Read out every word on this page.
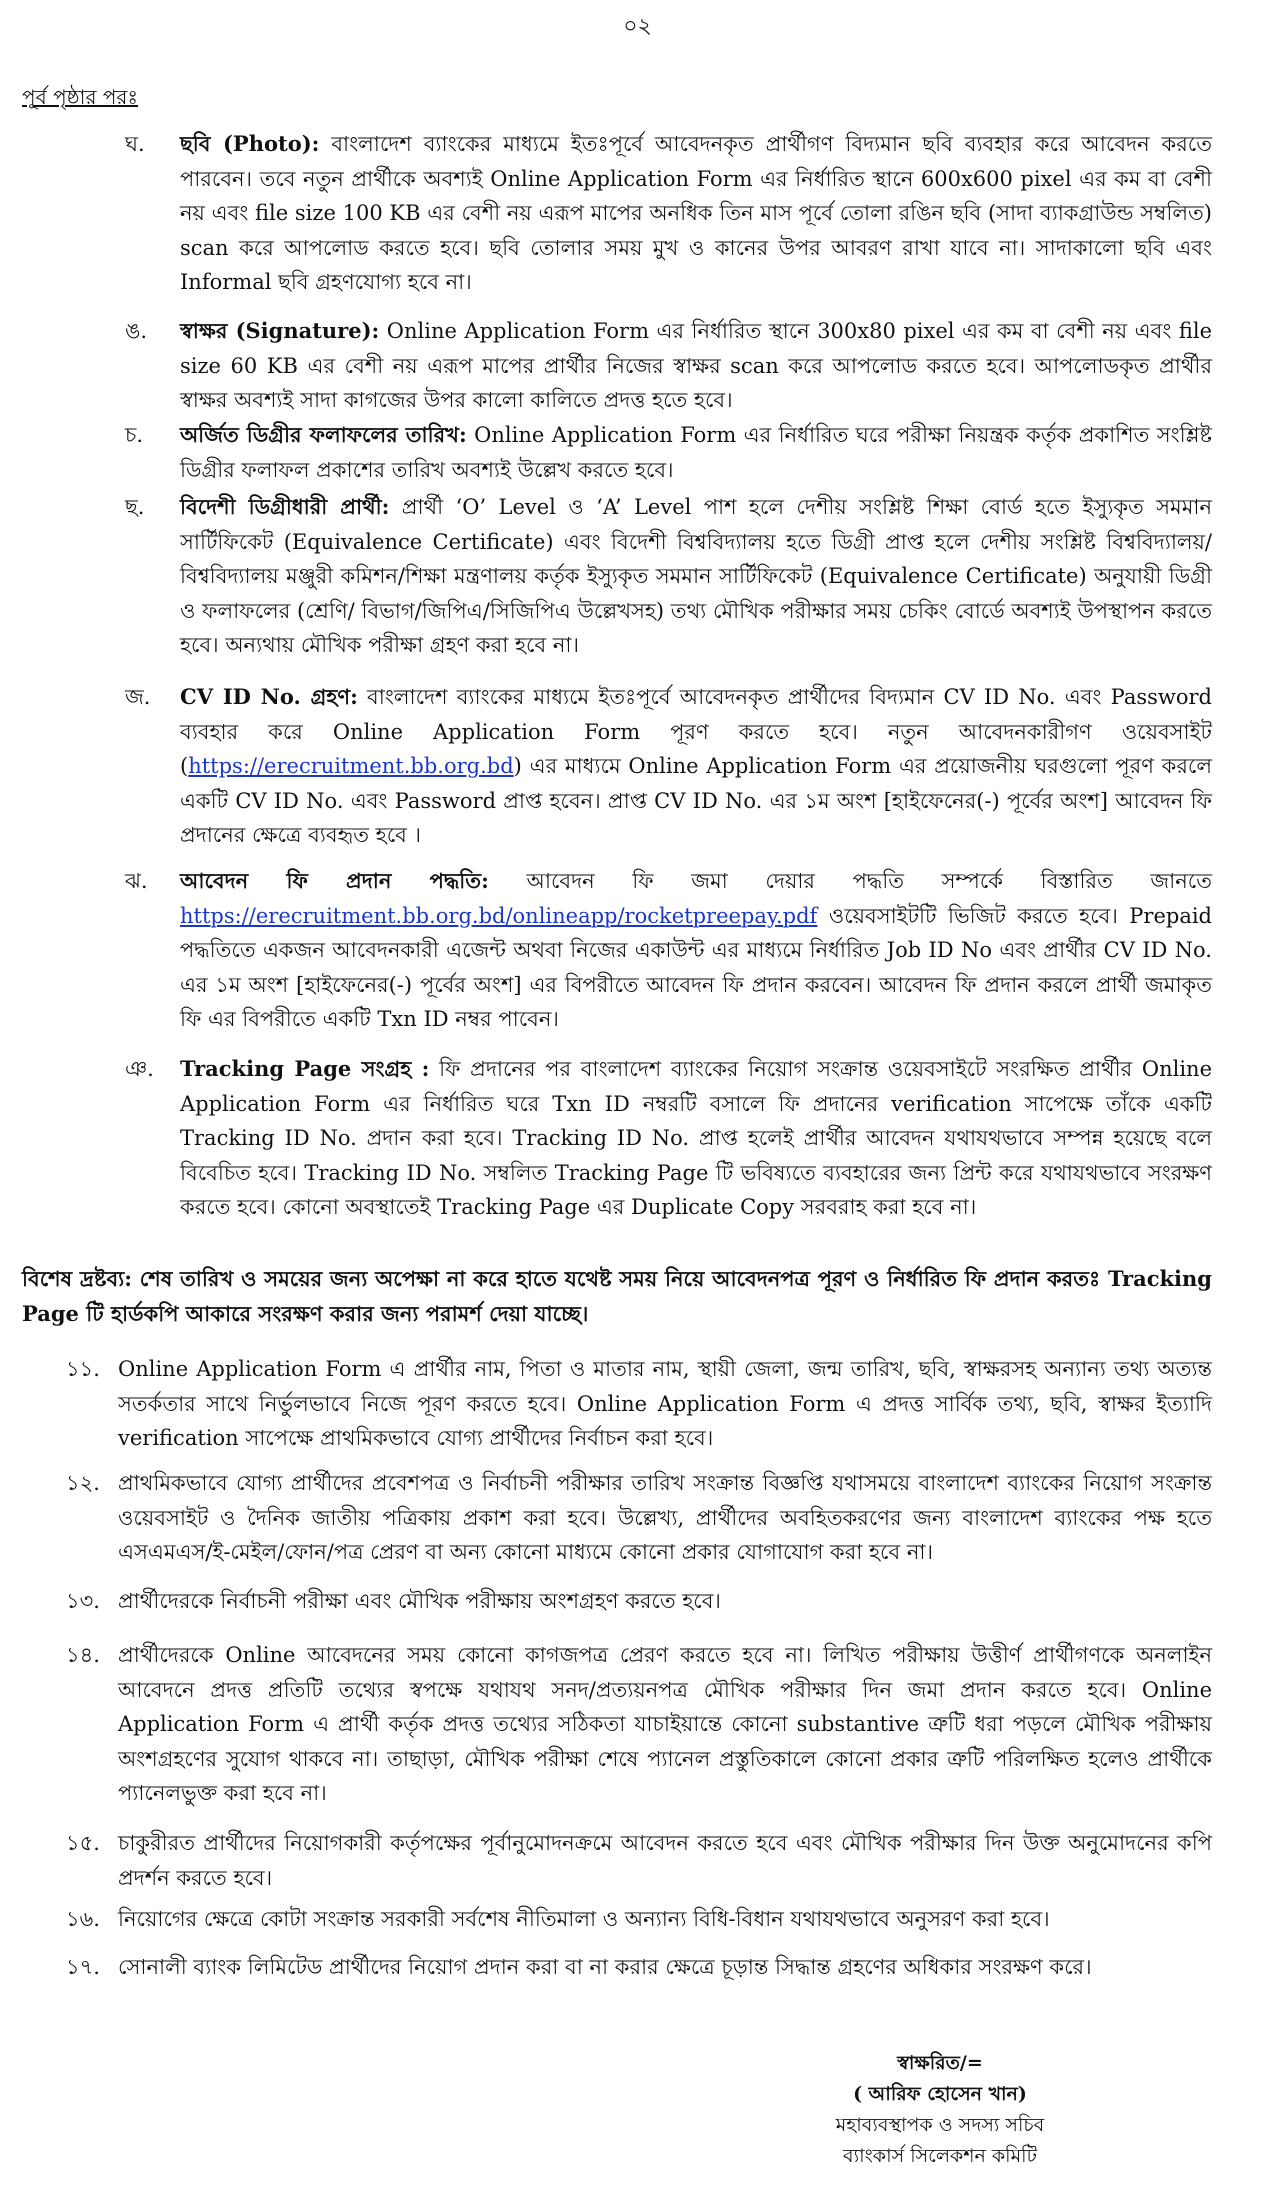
০২
পূর্ব পৃষ্ঠার পরঃ
ঘ.	ছবি (Photo): বাংলাদেশ ব্যাংকের মাধ্যমে ইতঃপূর্বে আবেদনকৃত প্রার্থীগণ বিদ্যমান ছবি ব্যবহার করে আবেদন করতে পারবেন। তবে নতুন প্রার্থীকে অবশ্যই Online Application Form এর নির্ধারিত স্থানে 600x600 pixel এর কম বা বেশী নয় এবং file size 100 KB এর বেশী নয় এরূপ মাপের অনধিক তিন মাস পূর্বে তোলা রঙিন ছবি (সাদা ব্যাকগ্রাউন্ড সম্বলিত) scan করে আপলোড করতে হবে। ছবি তোলার সময় মুখ ও কানের উপর আবরণ রাখা যাবে না। সাদাকালো ছবি এবং Informal ছবি গ্রহণযোগ্য হবে না।
ঙ.	স্বাক্ষর (Signature): Online Application Form এর নির্ধারিত স্থানে 300x80 pixel এর কম বা বেশী নয় এবং file size 60 KB এর বেশী নয় এরূপ মাপের প্রার্থীর নিজের স্বাক্ষর scan করে আপলোড করতে হবে। আপলোডকৃত প্রার্থীর স্বাক্ষর অবশ্যই সাদা কাগজের উপর কালো কালিতে প্রদত্ত হতে হবে।
চ.	অর্জিত ডিগ্রীর ফলাফলের তারিখ: Online Application Form এর নির্ধারিত ঘরে পরীক্ষা নিয়ন্ত্রক কর্তৃক প্রকাশিত সংশ্লিষ্ট ডিগ্রীর ফলাফল প্রকাশের তারিখ অবশ্যই উল্লেখ করতে হবে।
ছ.	বিদেশী ডিগ্রীধারী প্রার্থী: প্রার্থী ‘O’ Level ও ‘A’ Level পাশ হলে দেশীয় সংশ্লিষ্ট শিক্ষা বোর্ড হতে ইস্যুকৃত সমমান সার্টিফিকেট (Equivalence Certificate) এবং বিদেশী বিশ্ববিদ্যালয় হতে ডিগ্রী প্রাপ্ত হলে দেশীয় সংশ্লিষ্ট বিশ্ববিদ্যালয়/বিশ্ববিদ্যালয় মঞ্জুরী কমিশন/শিক্ষা মন্ত্রণালয় কর্তৃক ইস্যুকৃত সমমান সার্টিফিকেট (Equivalence Certificate) অনুযায়ী ডিগ্রী ও ফলাফলের (শ্রেণি/ বিভাগ/জিপিএ/সিজিপিএ উল্লেখসহ) তথ্য মৌখিক পরীক্ষার সময় চেকিং বোর্ডে অবশ্যই উপস্থাপন করতে হবে। অন্যথায় মৌখিক পরীক্ষা গ্রহণ করা হবে না।
জ.	CV ID No. গ্রহণ: বাংলাদেশ ব্যাংকের মাধ্যমে ইতঃপূর্বে আবেদনকৃত প্রার্থীদের বিদ্যমান CV ID No. এবং Password ব্যবহার করে Online Application Form পূরণ করতে হবে। নতুন আবেদনকারীগণ ওয়েবসাইট (https://erecruitment.bb.org.bd) এর মাধ্যমে Online Application Form এর প্রয়োজনীয় ঘরগুলো পূরণ করলে একটি CV ID No. এবং Password প্রাপ্ত হবেন। প্রাপ্ত CV ID No. এর ১ম অংশ [হাইফেনের(-) পূর্বের অংশ] আবেদন ফি প্রদানের ক্ষেত্রে ব্যবহৃত হবে ।
ঝ.	আবেদন ফি প্রদান পদ্ধতি: আবেদন ফি জমা দেয়ার পদ্ধতি সম্পর্কে বিস্তারিত জানতে https://erecruitment.bb.org.bd/onlineapp/rocketpreepay.pdf ওয়েবসাইটটি ভিজিট করতে হবে। Prepaid পদ্ধতিতে একজন আবেদনকারী এজেন্ট অথবা নিজের একাউন্ট এর মাধ্যমে নির্ধারিত Job ID No এবং প্রার্থীর CV ID No. এর ১ম অংশ [হাইফেনের(-) পূর্বের অংশ] এর বিপরীতে আবেদন ফি প্রদান করবেন। আবেদন ফি প্রদান করলে প্রার্থী জমাকৃত ফি এর বিপরীতে একটি Txn ID নম্বর পাবেন।
ঞ.	Tracking Page সংগ্রহ : ফি প্রদানের পর বাংলাদেশ ব্যাংকের নিয়োগ সংক্রান্ত ওয়েবসাইটে সংরক্ষিত প্রার্থীর Online Application Form এর নির্ধারিত ঘরে Txn ID নম্বরটি বসালে ফি প্রদানের verification সাপেক্ষে তাঁকে একটি Tracking ID No. প্রদান করা হবে। Tracking ID No. প্রাপ্ত হলেই প্রার্থীর আবেদন যথাযথভাবে সম্পন্ন হয়েছে বলে বিবেচিত হবে। Tracking ID No. সম্বলিত Tracking Page টি ভবিষ্যতে ব্যবহারের জন্য প্রিন্ট করে যথাযথভাবে সংরক্ষণ করতে হবে। কোনো অবস্থাতেই Tracking Page এর Duplicate Copy সরবরাহ করা হবে না।
বিশেষ দ্রষ্টব্য: শেষ তারিখ ও সময়ের জন্য অপেক্ষা না করে হাতে যথেষ্ট সময় নিয়ে আবেদনপত্র পূরণ ও নির্ধারিত ফি প্রদান করতঃ Tracking Page টি হার্ডকপি আকারে সংরক্ষণ করার জন্য পরামর্শ দেয়া যাচ্ছে।
১১. Online Application Form এ প্রার্থীর নাম, পিতা ও মাতার নাম, স্থায়ী জেলা, জন্ম তারিখ, ছবি, স্বাক্ষরসহ অন্যান্য তথ্য অত্যন্ত সতর্কতার সাথে নির্ভুলভাবে নিজে পূরণ করতে হবে। Online Application Form এ প্রদত্ত সার্বিক তথ্য, ছবি, স্বাক্ষর ইত্যাদি verification সাপেক্ষে প্রাথমিকভাবে যোগ্য প্রার্থীদের নির্বাচন করা হবে।
১২. প্রাথমিকভাবে যোগ্য প্রার্থীদের প্রবেশপত্র ও নির্বাচনী পরীক্ষার তারিখ সংক্রান্ত বিজ্ঞপ্তি যথাসময়ে বাংলাদেশ ব্যাংকের নিয়োগ সংক্রান্ত ওয়েবসাইট ও দৈনিক জাতীয় পত্রিকায় প্রকাশ করা হবে। উল্লেখ্য, প্রার্থীদের অবহিতকরণের জন্য বাংলাদেশ ব্যাংকের পক্ষ হতে এসএমএস/ই-মেইল/ফোন/পত্র প্রেরণ বা অন্য কোনো মাধ্যমে কোনো প্রকার যোগাযোগ করা হবে না।
১৩. প্রার্থীদেরকে নির্বাচনী পরীক্ষা এবং মৌখিক পরীক্ষায় অংশগ্রহণ করতে হবে।
১৪. প্রার্থীদেরকে Online আবেদনের সময় কোনো কাগজপত্র প্রেরণ করতে হবে না। লিখিত পরীক্ষায় উত্তীর্ণ প্রার্থীগণকে অনলাইন আবেদনে প্রদত্ত প্রতিটি তথ্যের স্বপক্ষে যথাযথ সনদ/প্রত্যয়নপত্র মৌখিক পরীক্ষার দিন জমা প্রদান করতে হবে। Online Application Form এ প্রার্থী কর্তৃক প্রদত্ত তথ্যের সঠিকতা যাচাইয়ান্তে কোনো substantive ত্রুটি ধরা পড়লে মৌখিক পরীক্ষায় অংশগ্রহণের সুযোগ থাকবে না। তাছাড়া, মৌখিক পরীক্ষা শেষে প্যানেল প্রস্তুতিকালে কোনো প্রকার ত্রুটি পরিলক্ষিত হলেও প্রার্থীকে প্যানেলভুক্ত করা হবে না।
১৫. চাকুরীরত প্রার্থীদের নিয়োগকারী কর্তৃপক্ষের পূর্বানুমোদনক্রমে আবেদন করতে হবে এবং মৌখিক পরীক্ষার দিন উক্ত অনুমোদনের কপি প্রদর্শন করতে হবে।
১৬. নিয়োগের ক্ষেত্রে কোটা সংক্রান্ত সরকারী সর্বশেষ নীতিমালা ও অন্যান্য বিধি-বিধান যথাযথভাবে অনুসরণ করা হবে।
১৭. সোনালী ব্যাংক লিমিটেড প্রার্থীদের নিয়োগ প্রদান করা বা না করার ক্ষেত্রে চূড়ান্ত সিদ্ধান্ত গ্রহণের অধিকার সংরক্ষণ করে।
স্বাক্ষরিত/=
( আরিফ হোসেন খান)
মহাব্যবস্থাপক ও সদস্য সচিব
ব্যাংকার্স সিলেকশন কমিটি
